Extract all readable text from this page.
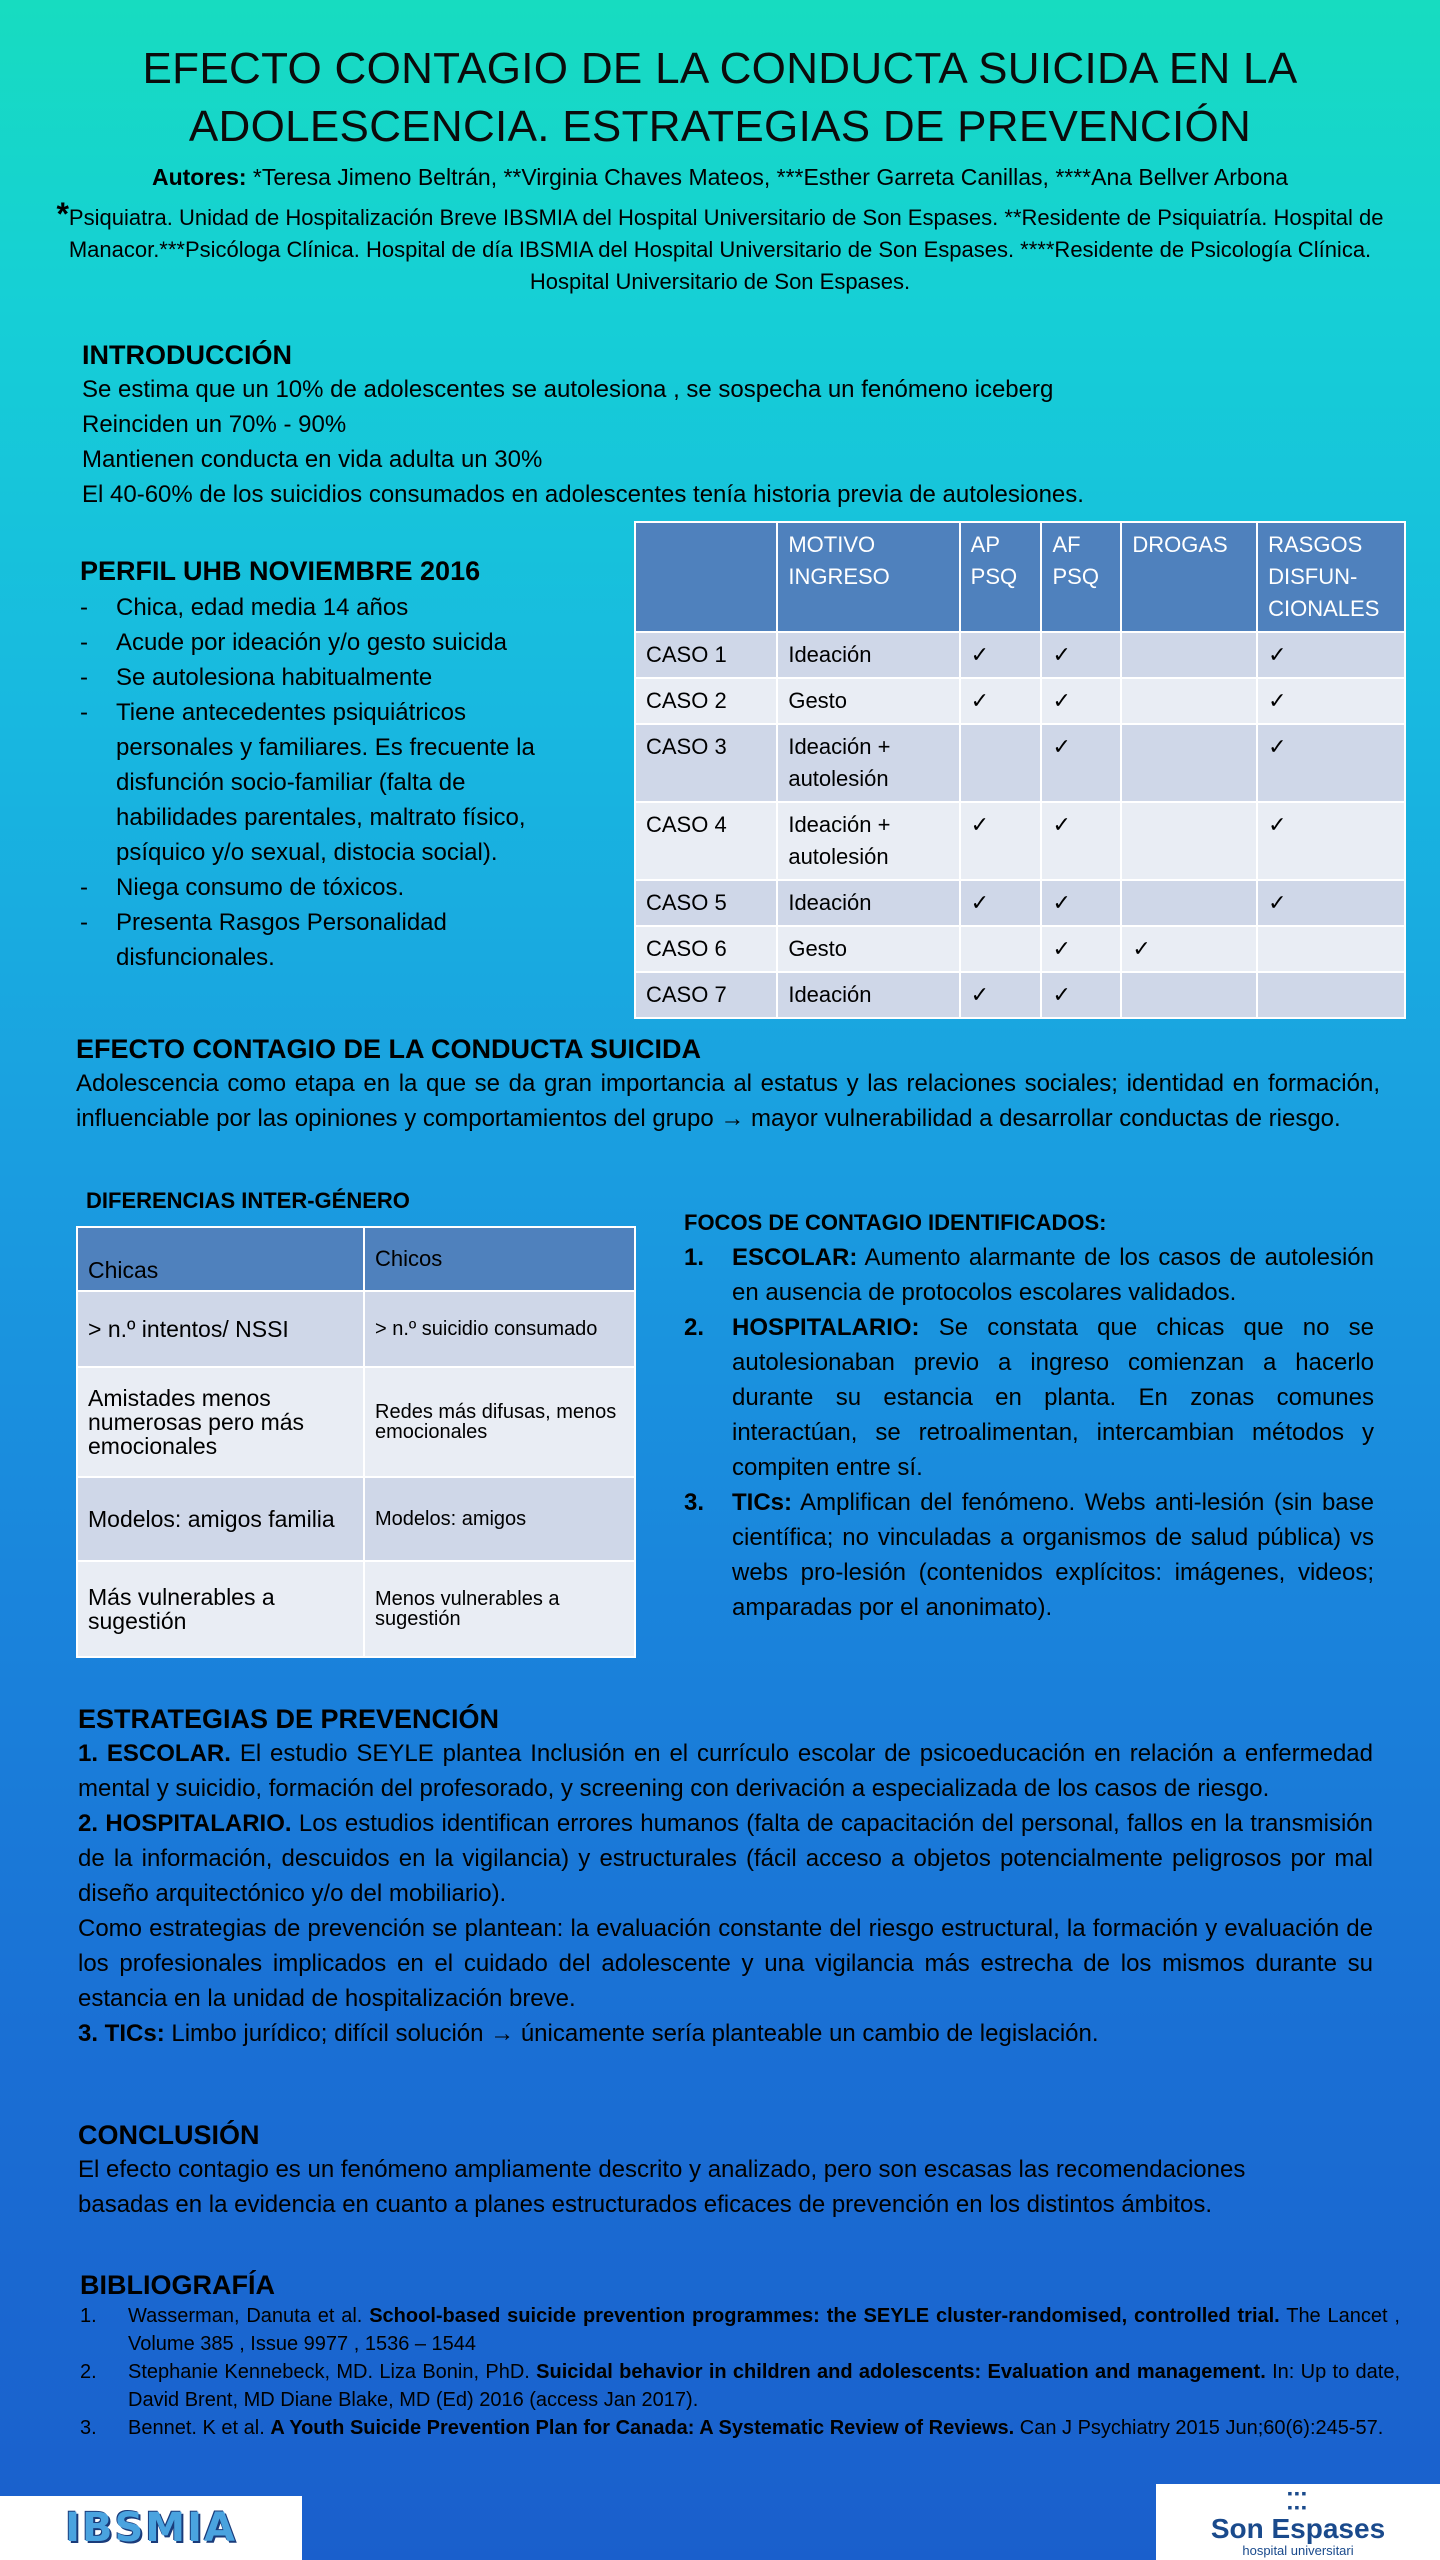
EFECTO CONTAGIO DE LA CONDUCTA SUICIDA EN LA
ADOLESCENCIA. ESTRATEGIAS DE PREVENCIÓN
Autores: *Teresa Jimeno Beltrán, **Virginia Chaves Mateos, ***Esther Garreta Canillas, ****Ana Bellver Arbona
*Psiquiatra. Unidad de Hospitalización Breve IBSMIA del Hospital Universitario de Son Espases. **Residente de Psiquiatría. Hospital de Manacor.***Psicóloga Clínica. Hospital de día IBSMIA del Hospital Universitario de Son Espases. ****Residente de Psicología Clínica. Hospital Universitario de Son Espases.
INTRODUCCIÓN
Se estima que un 10% de adolescentes se autolesiona , se sospecha un fenómeno iceberg
Reinciden un 70% - 90%
Mantienen conducta en vida adulta un 30%
El 40-60% de los suicidios consumados en adolescentes tenía historia previa de autolesiones.
PERFIL UHB NOVIEMBRE 2016
- Chica, edad media 14 años
- Acude por ideación y/o gesto suicida
- Se autolesiona habitualmente
- Tiene antecedentes psiquiátricos personales y familiares. Es frecuente la disfunción socio-familiar (falta de habilidades parentales, maltrato físico, psíquico y/o sexual, distocia social).
- Niega consumo de tóxicos.
- Presenta Rasgos Personalidad disfuncionales.
	MOTIVO INGRESO	AP PSQ	AF PSQ	DROGAS	RASGOS DISFUN-CIONALES
CASO 1	Ideación	✓	✓		✓
CASO 2	Gesto	✓	✓		✓
CASO 3	Ideación + autolesión		✓		✓
CASO 4	Ideación + autolesión	✓	✓		✓
CASO 5	Ideación	✓	✓		✓
CASO 6	Gesto		✓	✓	
CASO 7	Ideación	✓	✓		
EFECTO CONTAGIO DE LA CONDUCTA SUICIDA
Adolescencia como etapa en la que se da gran importancia al estatus y las relaciones sociales; identidad en formación, influenciable por las opiniones y comportamientos del grupo → mayor vulnerabilidad a desarrollar conductas de riesgo.
DIFERENCIAS INTER-GÉNERO
Chicas	Chicos
> n.º intentos/ NSSI	> n.º suicidio consumado
Amistades menos numerosas pero más emocionales	Redes más difusas, menos emocionales
Modelos: amigos familia	Modelos: amigos
Más vulnerables a sugestión	Menos vulnerables a sugestión
FOCOS DE CONTAGIO IDENTIFICADOS:
1. ESCOLAR: Aumento alarmante de los casos de autolesión en ausencia de protocolos escolares validados.
2. HOSPITALARIO: Se constata que chicas que no se autolesionaban previo a ingreso comienzan a hacerlo durante su estancia en planta. En zonas comunes interactúan, se retroalimentan, intercambian métodos y compiten entre sí.
3. TICs: Amplifican del fenómeno. Webs anti-lesión (sin base científica; no vinculadas a organismos de salud pública) vs webs pro-lesión (contenidos explícitos: imágenes, videos; amparadas por el anonimato).
ESTRATEGIAS DE PREVENCIÓN
1. ESCOLAR. El estudio SEYLE plantea Inclusión en el currículo escolar de psicoeducación en relación a enfermedad mental y suicidio, formación del profesorado, y screening con derivación a especializada de los casos de riesgo.
2. HOSPITALARIO. Los estudios identifican errores humanos (falta de capacitación del personal, fallos en la transmisión de la información, descuidos en la vigilancia) y estructurales (fácil acceso a objetos potencialmente peligrosos por mal diseño arquitectónico y/o del mobiliario).
Como estrategias de prevención se plantean: la evaluación constante del riesgo estructural, la formación y evaluación de los profesionales implicados en el cuidado del adolescente y una vigilancia más estrecha de los mismos durante su estancia en la unidad de hospitalización breve.
3. TICs: Limbo jurídico; difícil solución → únicamente sería planteable un cambio de legislación.
CONCLUSIÓN
El efecto contagio es un fenómeno ampliamente descrito y analizado, pero son escasas las recomendaciones basadas en la evidencia en cuanto a planes estructurados eficaces de prevención en los distintos ámbitos.
BIBLIOGRAFÍA
1. Wasserman, Danuta et al. School-based suicide prevention programmes: the SEYLE cluster-randomised, controlled trial. The Lancet , Volume 385 , Issue 9977 , 1536 – 1544
2. Stephanie Kennebeck, MD. Liza Bonin, PhD. Suicidal behavior in children and adolescents: Evaluation and management. In: Up to date, David Brent, MD Diane Blake, MD (Ed) 2016 (access Jan 2017).
3. Bennet. K et al. A Youth Suicide Prevention Plan for Canada: A Systematic Review of Reviews. Can J Psychiatry 2015 Jun;60(6):245-57.
IBSMIA
▪▪▪
▪▪▪
Son Espases
hospital universitari
